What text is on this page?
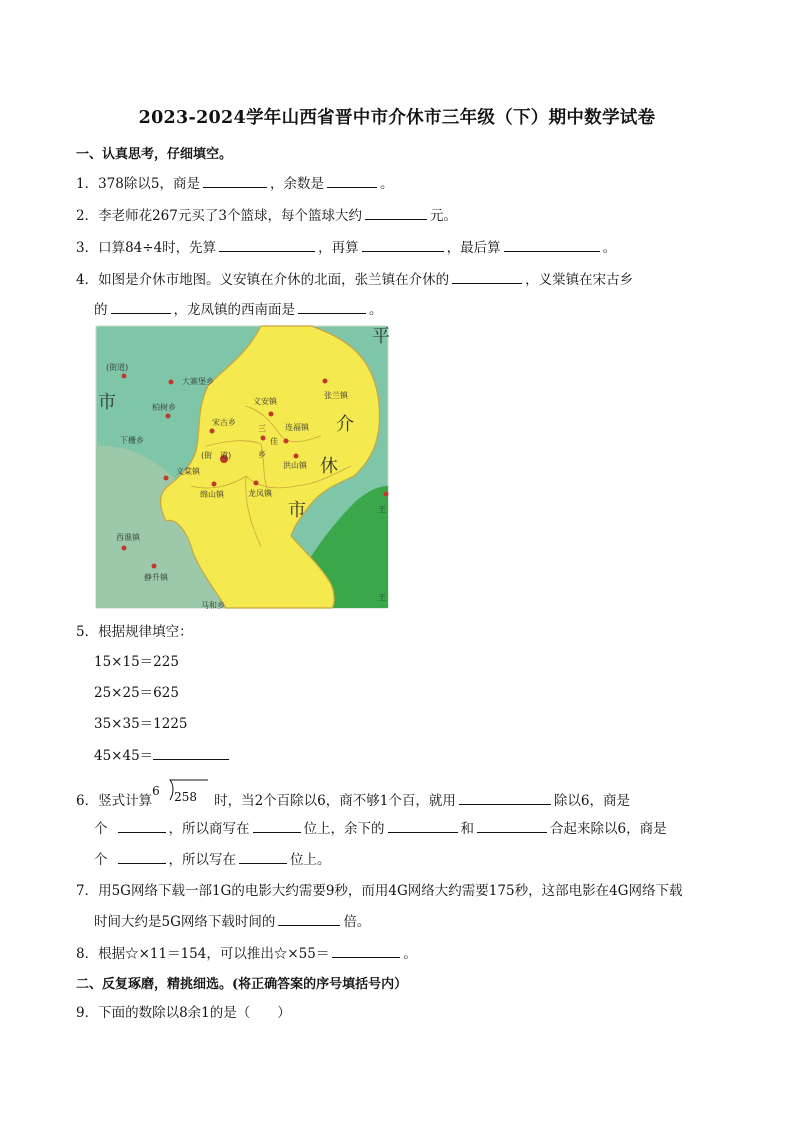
2023-2024学年山西省晋中市介休市三年级（下）期中数学试卷
一、认真思考，仔细填空。
1．378除以5，商是	，余数是	。
2．李老师花267元买了3个篮球，每个篮球大约	元。
3．口算84÷4时，先算	，再算	，最后算	。
4．如图是介休市地图。义安镇在介休的北面，张兰镇在介休的	，义棠镇在宋古乡
的	，龙凤镇的西南面是	。
(街道)
大寨堡乡
柏树乡
下栅乡
义安镇
张兰镇
宋古乡
连福镇
三
佳
乡
(街　道)
洪山镇
义棠镇
绵山镇	龙凤镇
西谯镇
静升镇
马和乡
王
王
市
平
介
休
市
5．根据规律填空：
15×15＝225
25×25＝625
35×35＝1225
45×45＝
6．竖式计算
6 258 时，当2个百除以6，商不够1个百，就用	除以6，商是
个	，所以商写在	位上，余下的	和	合起来除以6，商是
个	，所以写在	位上。
7．用5G网络下载一部1G的电影大约需要9秒，而用4G网络大约需要175秒，这部电影在4G网络下载
时间大约是5G网络下载时间的	倍。
8．根据☆×11＝154，可以推出☆×55＝	。
二、反复琢磨，精挑细选。(将正确答案的序号填括号内）
9．下面的数除以8余1的是（　　）
